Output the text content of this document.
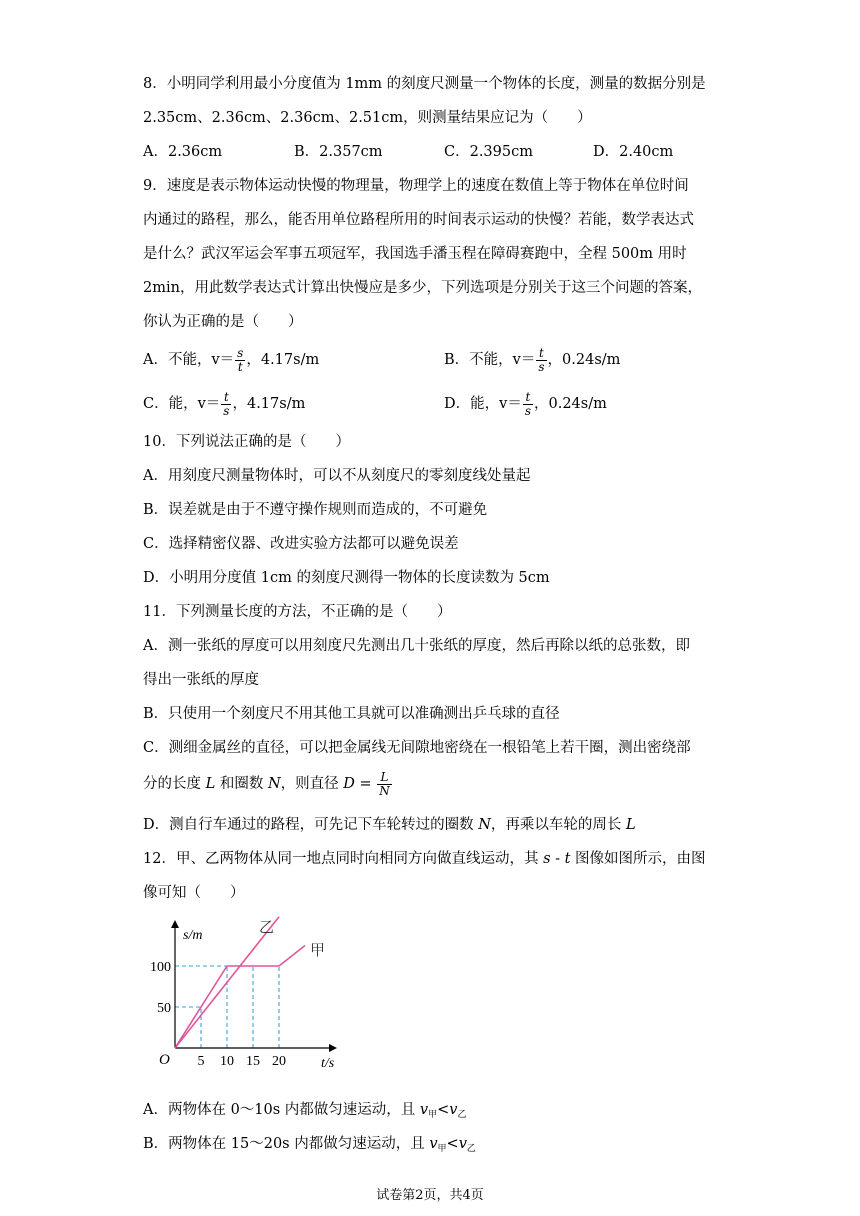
8．小明同学利用最小分度值为 1mm 的刻度尺测量一个物体的长度，测量的数据分别是
2.35cm、2.36cm、2.36cm、2.51cm，则测量结果应记为（　　）
A．2.36cm	B．2.357cm	C．2.395cm	D．2.40cm
9．速度是表示物体运动快慢的物理量，物理学上的速度在数值上等于物体在单位时间
内通过的路程，那么，能否用单位路程所用的时间表示运动的快慢？若能，数学表达式
是什么？武汉军运会军事五项冠军，我国选手潘玉程在障碍赛跑中，全程 500m 用时
2min，用此数学表达式计算出快慢应是多少，下列选项是分别关于这三个问题的答案，
你认为正确的是（　　）
A．不能，$v= \frac{s}{t}$ ，4.17s/m	B．不能，$v= \frac{t}{s}$ ，0.24s/m
C．能，$v= \frac{t}{s}$ ，4.17s/m	D．能，$v= \frac{t}{s}$ ，0.24s/m
10．下列说法正确的是（　　）
A．用刻度尺测量物体时，可以不从刻度尺的零刻度线处量起
B．误差就是由于不遵守操作规则而造成的，不可避免
C．选择精密仪器、改进实验方法都可以避免误差
D．小明用分度值 1cm 的刻度尺测得一物体的长度读数为 5cm
11．下列测量长度的方法，不正确的是（　　）
A．测一张纸的厚度可以用刻度尺先测出几十张纸的厚度，然后再除以纸的总张数，即
得出一张纸的厚度
B．只使用一个刻度尺不用其他工具就可以准确测出乒乓球的直径
C．测细金属丝的直径，可以把金属线无间隙地密绕在一根铅笔上若干圈，测出密绕部
分的长度 L 和圈数 N，则直径 $D = \frac{L}{N}$
D．测自行车通过的路程，可先记下车轮转过的圈数 N，再乘以车轮的周长 L
12．甲、乙两物体从同一地点同时向相同方向做直线运动，其 s - t 图像如图所示，由图
像可知（　　）
100
50
5 10 15 20
s/m
t/s
O
乙
甲
A．两物体在 0～10s 内都做匀速运动，且 $v_甲<v_乙$
B．两物体在 15～20s 内都做匀速运动，且 $v_甲<v_乙$
试卷第2页，共4页
